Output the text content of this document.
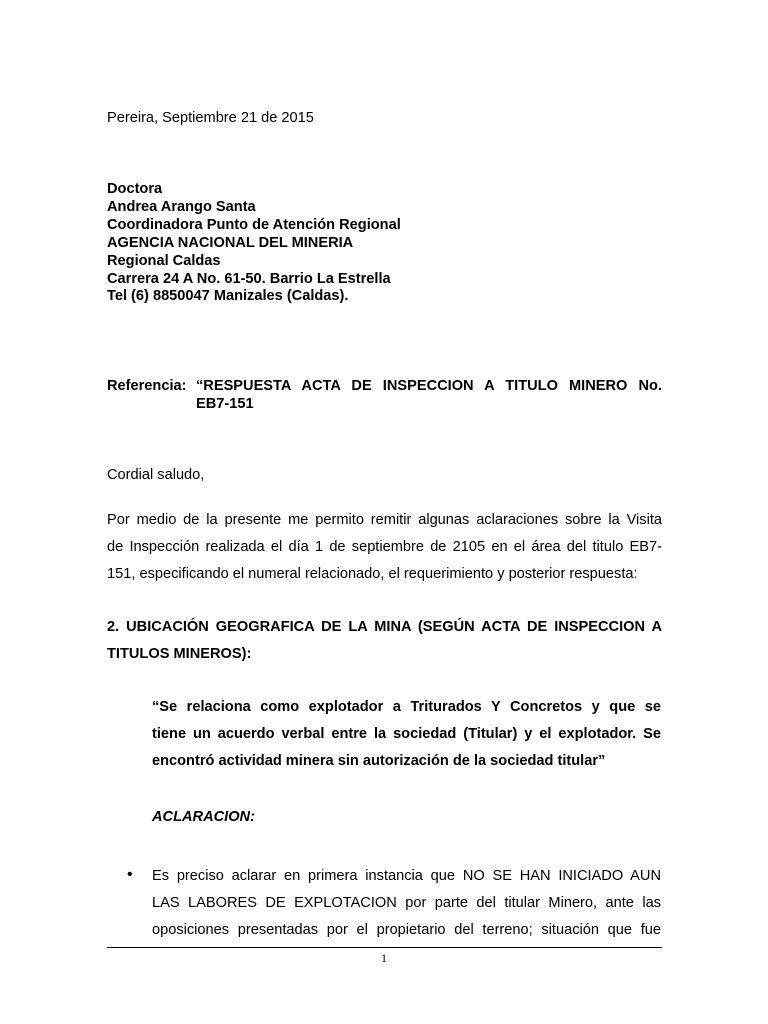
Pereira, Septiembre 21 de 2015
Doctora
Andrea Arango Santa
Coordinadora Punto de Atención Regional
AGENCIA NACIONAL DEL MINERIA
Regional Caldas
Carrera 24 A No. 61-50. Barrio La Estrella
Tel (6) 8850047 Manizales (Caldas).
Referencia: “RESPUESTA ACTA DE INSPECCION A TITULO MINERO No.
EB7-151
Cordial saludo,
Por medio de la presente me permito remitir algunas aclaraciones sobre la Visita
de Inspección realizada el día 1 de septiembre de 2105 en el área del titulo EB7-
151, especificando el numeral relacionado, el requerimiento y posterior respuesta:
2. UBICACIÓN GEOGRAFICA DE LA MINA (SEGÚN ACTA DE INSPECCION A
TITULOS MINEROS):
“Se relaciona como explotador a Triturados Y Concretos y que se
tiene un acuerdo verbal entre la sociedad (Titular) y el explotador. Se
encontró actividad minera sin autorización de la sociedad titular”
ACLARACION:
• Es preciso aclarar en primera instancia que NO SE HAN INICIADO AUN
LAS LABORES DE EXPLOTACION por parte del titular Minero, ante las
oposiciones presentadas por el propietario del terreno; situación que fue
1
